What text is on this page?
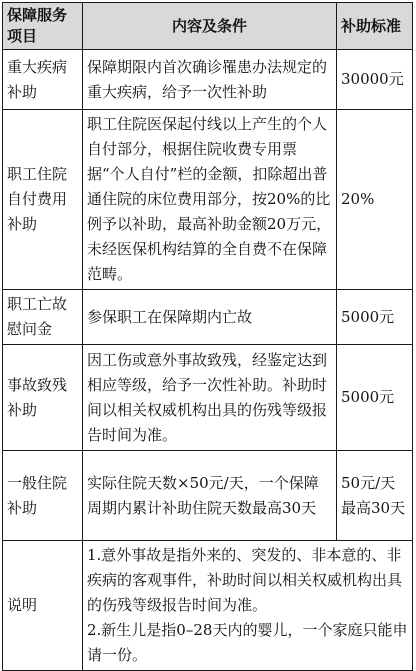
保障服务项目	内容及条件	补助标准
重大疾病补助	保障期限内首次确诊罹患办法规定的重大疾病，给予一次性补助	30000元
职工住院自付费用补助	职工住院医保起付线以上产生的个人自付部分，根据住院收费专用票据“个人自付”栏的金额，扣除超出普通住院的床位费用部分，按20%的比例予以补助，最高补助金额20万元，未经医保机构结算的全自费不在保障范畴。	20%
职工亡故慰问金	参保职工在保障期内亡故	5000元
事故致残补助	因工伤或意外事故致残，经鉴定达到相应等级，给予一次性补助。补助时间以相关权威机构出具的伤残等级报告时间为准。	5000元
一般住院补助	实际住院天数×50元/天，一个保障周期内累计补助住院天数最高30天	50元/天最高30天
说明	1.意外事故是指外来的、突发的、非本意的、非疾病的客观事件，补助时间以相关权威机构出具的伤残等级报告时间为准。
2.新生儿是指0–28天内的婴儿，一个家庭只能申请一份。	
